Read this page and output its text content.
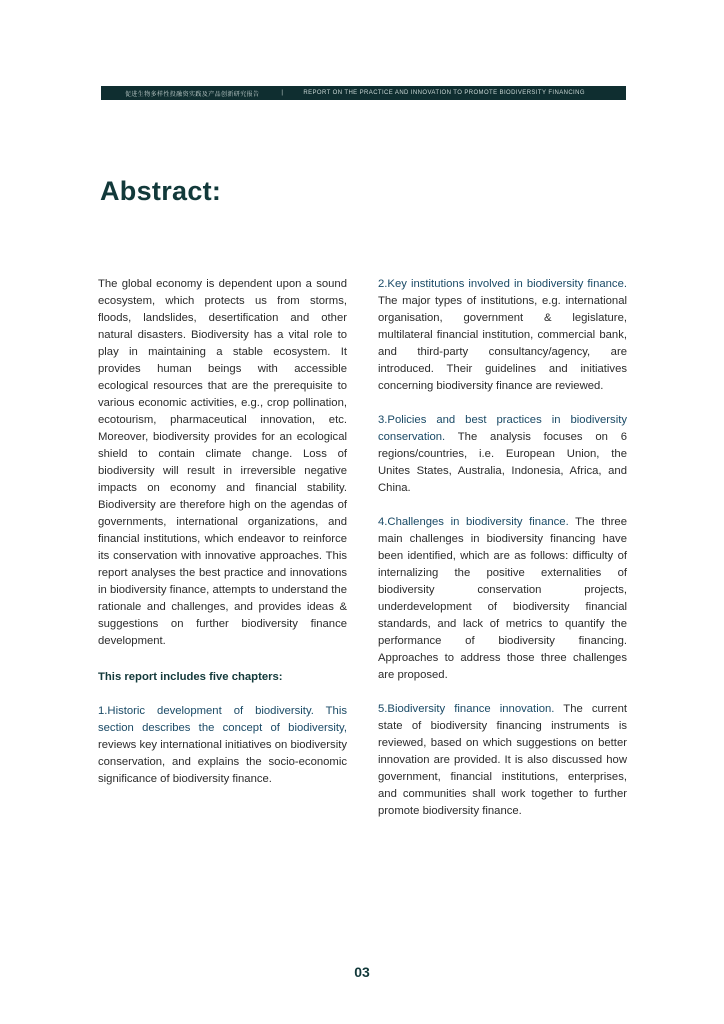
促进生物多样性投融资实践及产品创新研究报告	|	REPORT ON THE PRACTICE AND INNOVATION TO PROMOTE BIODIVERSITY FINANCING
Abstract:

The global economy is dependent upon a sound ecosystem, which protects us from storms, floods, landslides, desertification and other natural disasters. Biodiversity has a vital role to play in maintaining a stable ecosystem. It provides human beings with accessible ecological resources that are the prerequisite to various economic activities, e.g., crop pollination, ecotourism, pharmaceutical innovation, etc. Moreover, biodiversity provides for an ecological shield to contain climate change. Loss of biodiversity will result in irreversible negative impacts on economy and financial stability. Biodiversity are therefore high on the agendas of governments, international organizations, and financial institutions, which endeavor to reinforce its conservation with innovative approaches. This report analyses the best practice and innovations in biodiversity finance, attempts to understand the rationale and challenges, and provides ideas & suggestions on further biodiversity finance development.

This report includes five chapters:

1.Historic development of biodiversity. This section describes the concept of biodiversity, reviews key international initiatives on biodiversity conservation, and explains the socio-economic significance of biodiversity finance.

2.Key institutions involved in biodiversity finance. The major types of institutions, e.g. international organisation, government & legislature, multilateral financial institution, commercial bank, and third-party consultancy/agency, are introduced. Their guidelines and initiatives concerning biodiversity finance are reviewed.

3.Policies and best practices in biodiversity conservation. The analysis focuses on 6 regions/countries, i.e. European Union, the Unites States, Australia, Indonesia, Africa, and China.

4.Challenges in biodiversity finance. The three main challenges in biodiversity financing have been identified, which are as follows: difficulty of internalizing the positive externalities of biodiversity conservation projects, underdevelopment of biodiversity financial standards, and lack of metrics to quantify the performance of biodiversity financing. Approaches to address those three challenges are proposed.

5.Biodiversity finance innovation. The current state of biodiversity financing instruments is reviewed, based on which suggestions on better innovation are provided. It is also discussed how government, financial institutions, enterprises, and communities shall work together to further promote biodiversity finance.

03
